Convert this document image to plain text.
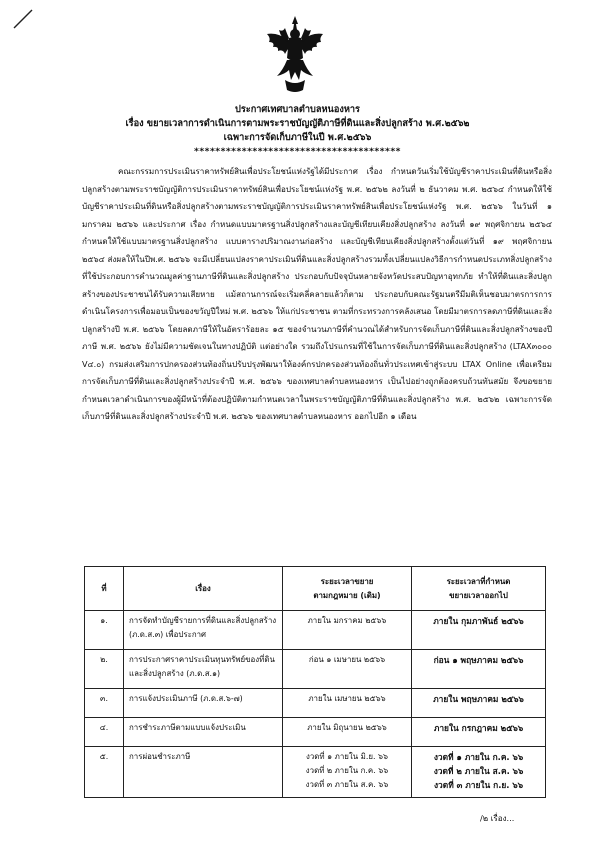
ประกาศเทศบาลตำบลหนองหาร
เรื่อง ขยายเวลาการดำเนินการตามพระราชบัญญัติภาษีที่ดินและสิ่งปลูกสร้าง พ.ศ.๒๕๖๒
เฉพาะการจัดเก็บภาษีในปี พ.ศ.๒๕๖๖
***************************************

คณะกรรมการประเมินราคาทรัพย์สินเพื่อประโยชน์แห่งรัฐได้มีประกาศ เรื่อง กำหนดวันเริ่มใช้บัญชีราคาประเมินที่ดินหรือสิ่งปลูกสร้างตามพระราชบัญญัติการประเมินราคาทรัพย์สินเพื่อประโยชน์แห่งรัฐ พ.ศ. ๒๕๖๒ ลงวันที่ ๒ ธันวาคม พ.ศ. ๒๕๖๔ กำหนดให้ใช้บัญชีราคาประเมินที่ดินหรือสิ่งปลูกสร้างตามพระราชบัญญัติการประเมินราคาทรัพย์สินเพื่อประโยชน์แห่งรัฐ พ.ศ. ๒๕๖๖ ในวันที่ ๑ มกราคม ๒๕๖๖ และประกาศ เรื่อง กำหนดแบบมาตรฐานสิ่งปลูกสร้างและบัญชีเทียบเคียงสิ่งปลูกสร้าง ลงวันที่ ๑๙ พฤศจิกายน ๒๕๖๔ กำหนดให้ใช้แบบมาตรฐานสิ่งปลูกสร้าง แบบตารางปริมาณงานก่อสร้าง และบัญชีเทียบเคียงสิ่งปลูกสร้างตั้งแต่วันที่ ๑๙ พฤศจิกายน ๒๕๖๔ ส่งผลให้ในปีพ.ศ. ๒๕๖๖ จะมีเปลี่ยนแปลงราคาประเมินที่ดินและสิ่งปลูกสร้างรวมทั้งเปลี่ยนแปลงวิธีการกำหนดประเภทสิ่งปลูกสร้างที่ใช้ประกอบการคำนวณมูลค่าฐานภาษีที่ดินและสิ่งปลูกสร้าง ประกอบกับปัจจุบันหลายจังหวัดประสบปัญหาอุทกภัย ทำให้ที่ดินและสิ่งปลูกสร้างของประชาชนได้รับความเสียหาย แม้สถานการณ์จะเริ่มคลี่คลายแล้วก็ตาม ประกอบกับคณะรัฐมนตรีมีมติเห็นชอบมาตรการการดำเนินโครงการเพื่อมอบเป็นของขวัญปีใหม่ พ.ศ. ๒๕๖๖ ให้แก่ประชาชน ตามที่กระทรวงการคลังเสนอ โดยมีมาตรการลดภาษีที่ดินและสิ่งปลูกสร้างปี พ.ศ. ๒๕๖๖ โดยลดภาษีให้ในอัตราร้อยละ ๑๕ ของจำนวนภาษีที่คำนวณได้สำหรับการจัดเก็บภาษีที่ดินและสิ่งปลูกสร้างของปีภาษี พ.ศ. ๒๕๖๖ ยังไม่มีความชัดเจนในทางปฏิบัติ แต่อย่างใด รวมถึงโปรแกรมที่ใช้ในการจัดเก็บภาษีที่ดินและสิ่งปลูกสร้าง (LTAX๓๐๐๐ V๔.๐) กรมส่งเสริมการปกครองส่วนท้องถิ่นปรับปรุงพัฒนาให้องค์กรปกครองส่วนท้องถิ่นทั่วประเทศเข้าสู่ระบบ LTAX Online เพื่อเตรียมการจัดเก็บภาษีที่ดินและสิ่งปลูกสร้างประจำปี พ.ศ. ๒๕๖๖ ของเทศบาลตำบลหนองหาร เป็นไปอย่างถูกต้องครบถ้วนทันสมัย จึงขอขยายกำหนดเวลาดำเนินการของผู้มีหน้าที่ต้องปฏิบัติตามกำหนดเวลาในพระราชบัญญัติภาษีที่ดินและสิ่งปลูกสร้าง พ.ศ. ๒๕๖๒ เฉพาะการจัดเก็บภาษีที่ดินและสิ่งปลูกสร้างประจำปี พ.ศ. ๒๕๖๖ ของเทศบาลตำบลหนองหาร ออกไปอีก ๑ เดือน

ที่	เรื่อง	ระยะเวลาขยาย
ตามกฎหมาย (เดิม)	ระยะเวลาที่กำหนด
ขยายเวลาออกไป

๑.	การจัดทำบัญชีรายการที่ดินและสิ่งปลูกสร้าง (ภ.ด.ส.๓) เพื่อประกาศ	ภายใน มกราคม ๒๕๖๖	ภายใน กุมภาพันธ์ ๒๕๖๖
๒.	การประกาศราคาประเมินทุนทรัพย์ของที่ดินและสิ่งปลูกสร้าง (ภ.ด.ส.๑)	ก่อน ๑ เมษายน ๒๕๖๖	ก่อน ๑ พฤษภาคม ๒๕๖๖
๓.	การแจ้งประเมินภาษี (ภ.ด.ส.๖-๗)	ภายใน เมษายน ๒๕๖๖	ภายใน พฤษภาคม ๒๕๖๖
๔.	การชำระภาษีตามแบบแจ้งประเมิน	ภายใน มิถุนายน ๒๕๖๖	ภายใน กรกฎาคม ๒๕๖๖
๕.	การผ่อนชำระภาษี	งวดที่ ๑ ภายใน มิ.ย. ๖๖
งวดที่ ๒ ภายใน ก.ค. ๖๖
งวดที่ ๓ ภายใน ส.ค. ๖๖	งวดที่ ๑ ภายใน ก.ค. ๖๖
งวดที่ ๒ ภายใน ส.ค. ๖๖
งวดที่ ๓ ภายใน ก.ย. ๖๖
/๒ เรื่อง...
